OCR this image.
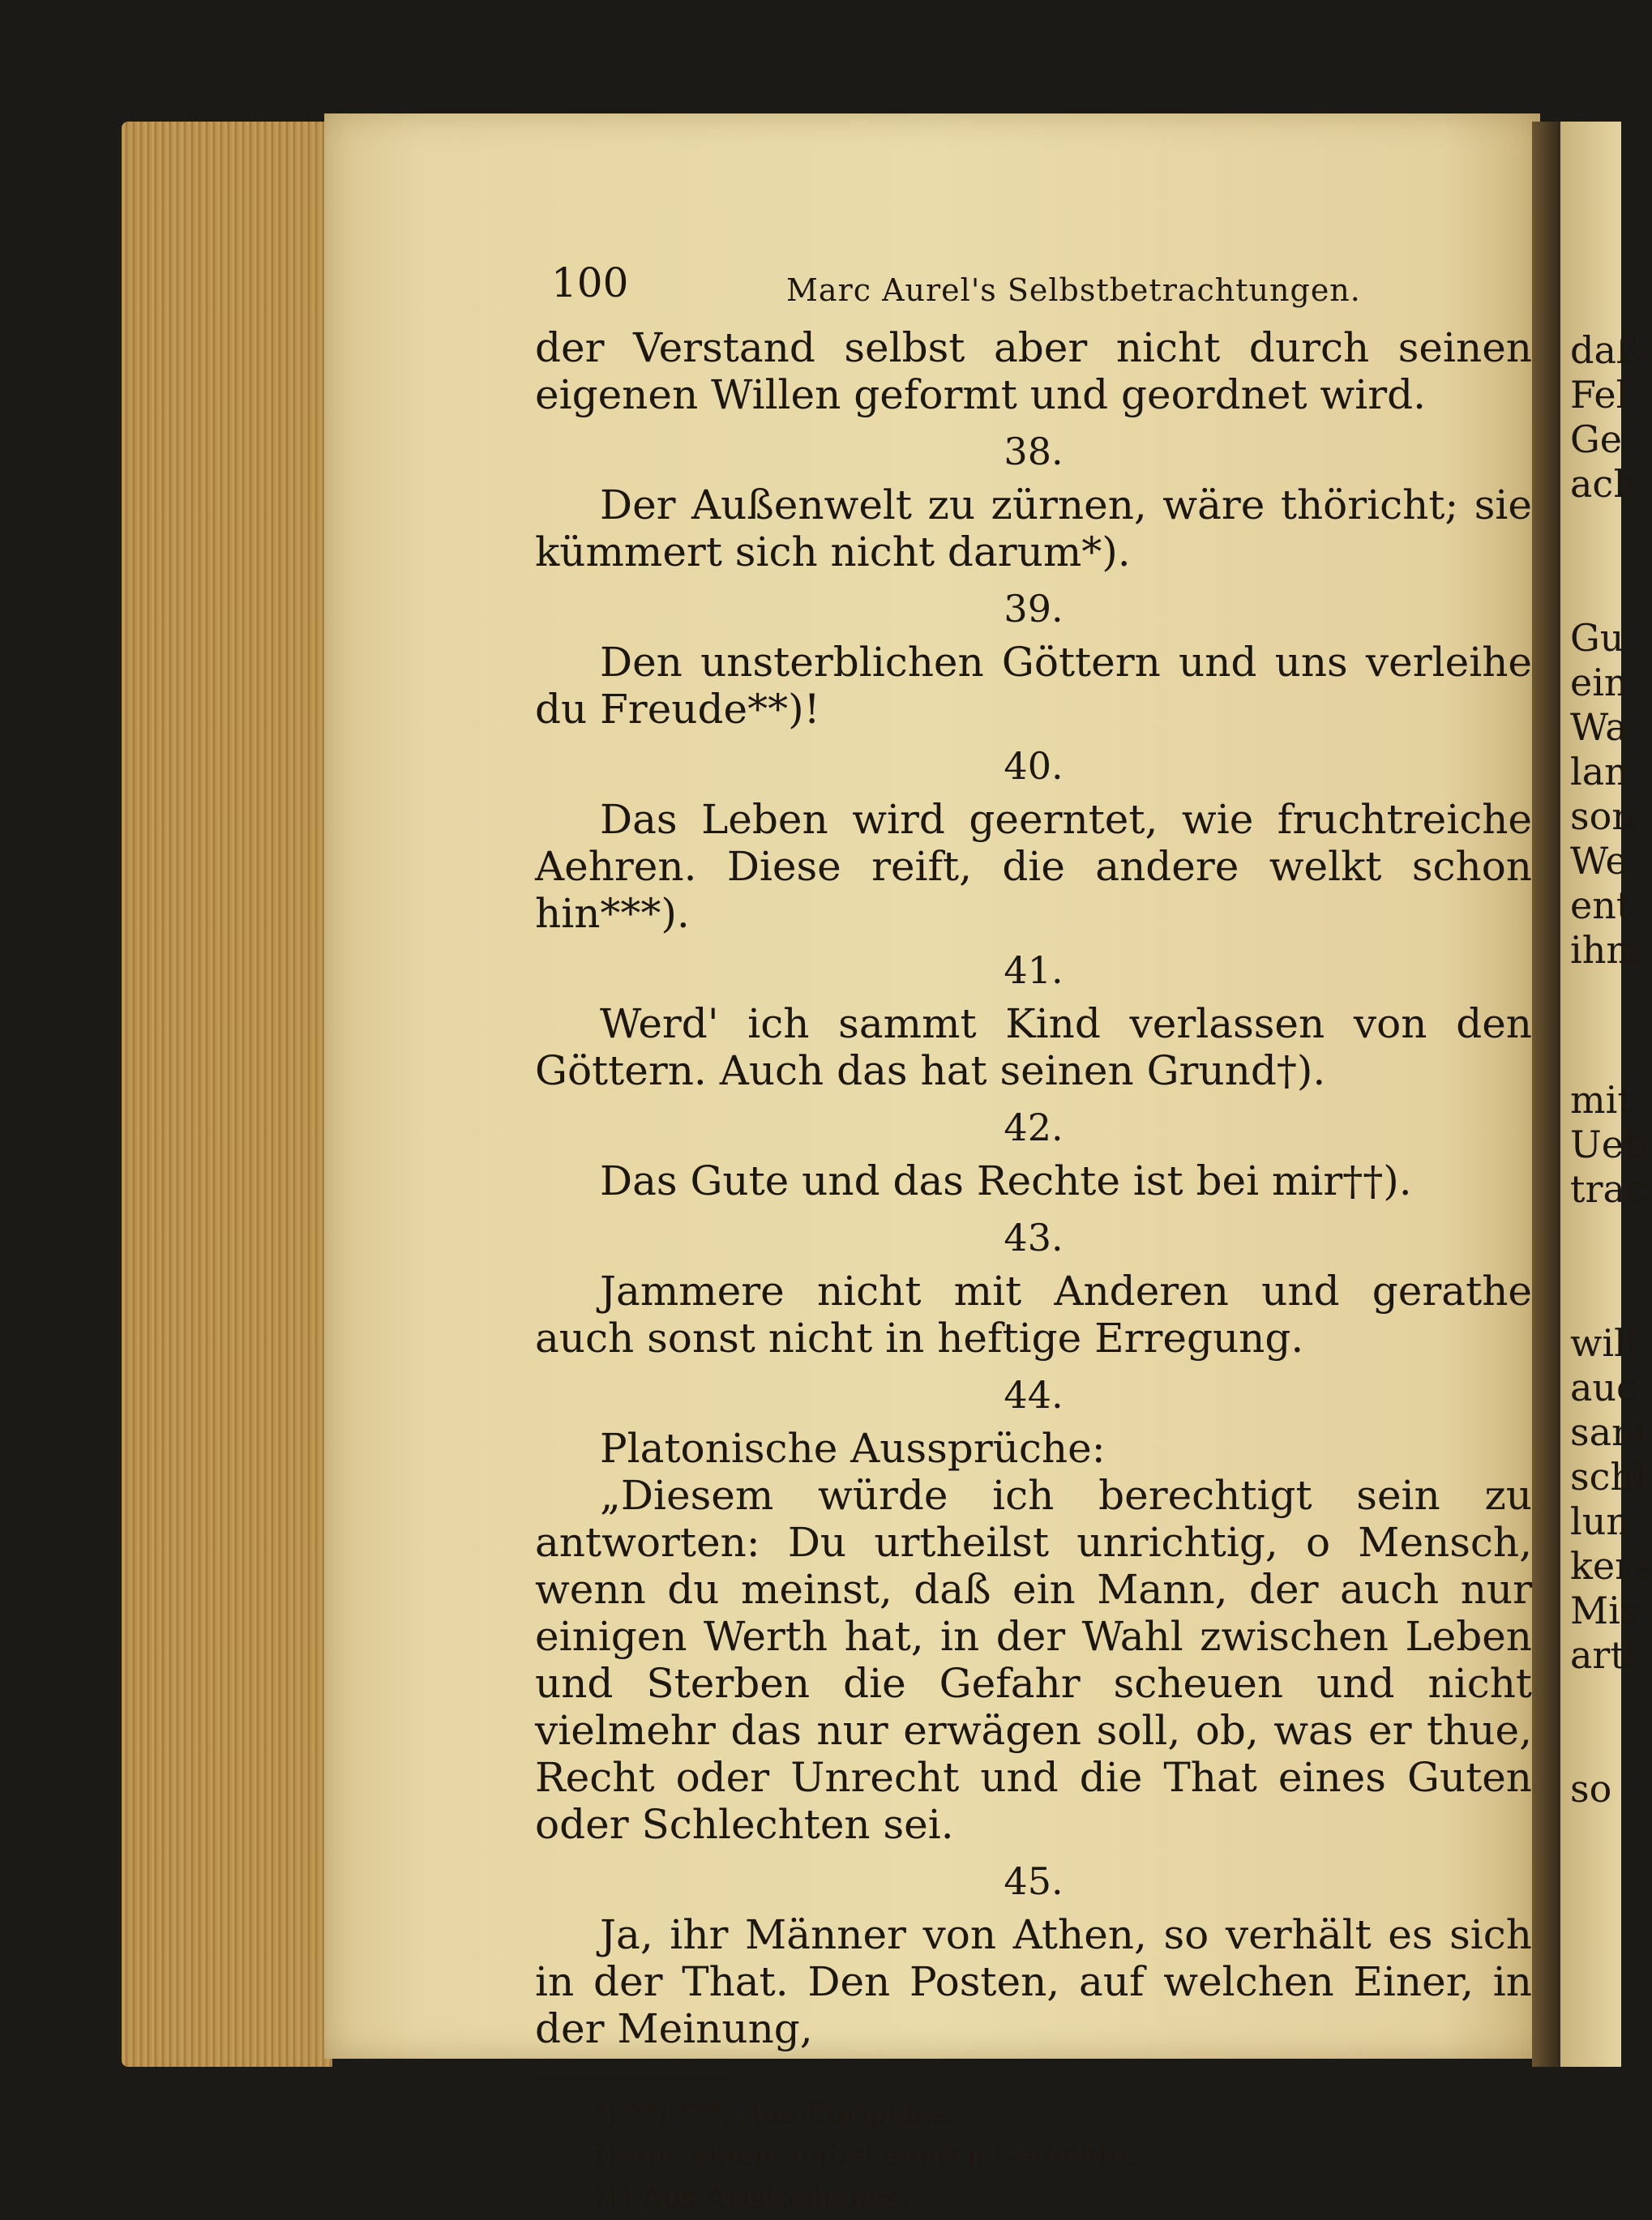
daß
Fel
Ge
ach
Gu
ein
Wa
lan
son
We
ent
ihm
mit
Ueb
trac
will
auc
sam
schl
lun
kers
Mis
arti
so
100	Marc Aurel's Selbstbetrachtungen.

der Verstand selbst aber nicht durch seinen eigenen Willen geformt und geordnet wird.

38.

Der Außenwelt zu zürnen, wäre thöricht; sie kümmert sich nicht darum*).

39.

Den unsterblichen Göttern und uns verleihe du Freude**)!

40.

Das Leben wird geerntet, wie fruchtreiche Aehren. Diese reift, die andere welkt schon hin***).

41.

Werd' ich sammt Kind verlassen von den Göttern. Auch das hat seinen Grund†).

42.

Das Gute und das Rechte ist bei mir††).

43.

Jammere nicht mit Anderen und gerathe auch sonst nicht in heftige Erregung.

44.

Platonische Aussprüche:

„Diesem würde ich berechtigt sein zu antworten: Du urtheilst unrichtig, o Mensch, wenn du meinst, daß ein Mann, der auch nur einigen Werth hat, in der Wahl zwischen Leben und Sterben die Gefahr scheuen und nicht vielmehr das nur erwägen soll, ob, was er thue, Recht oder Unrecht und die That eines Guten oder Schlechten sei.

45.

Ja, ihr Männer von Athen, so verhält es sich in der That. Den Posten, auf welchen Einer, in der Meinung,

*) **) ***) Aus Euripides.

†) Aus einem unbekannten Gedichte.

††) Aus Aristophanes.
